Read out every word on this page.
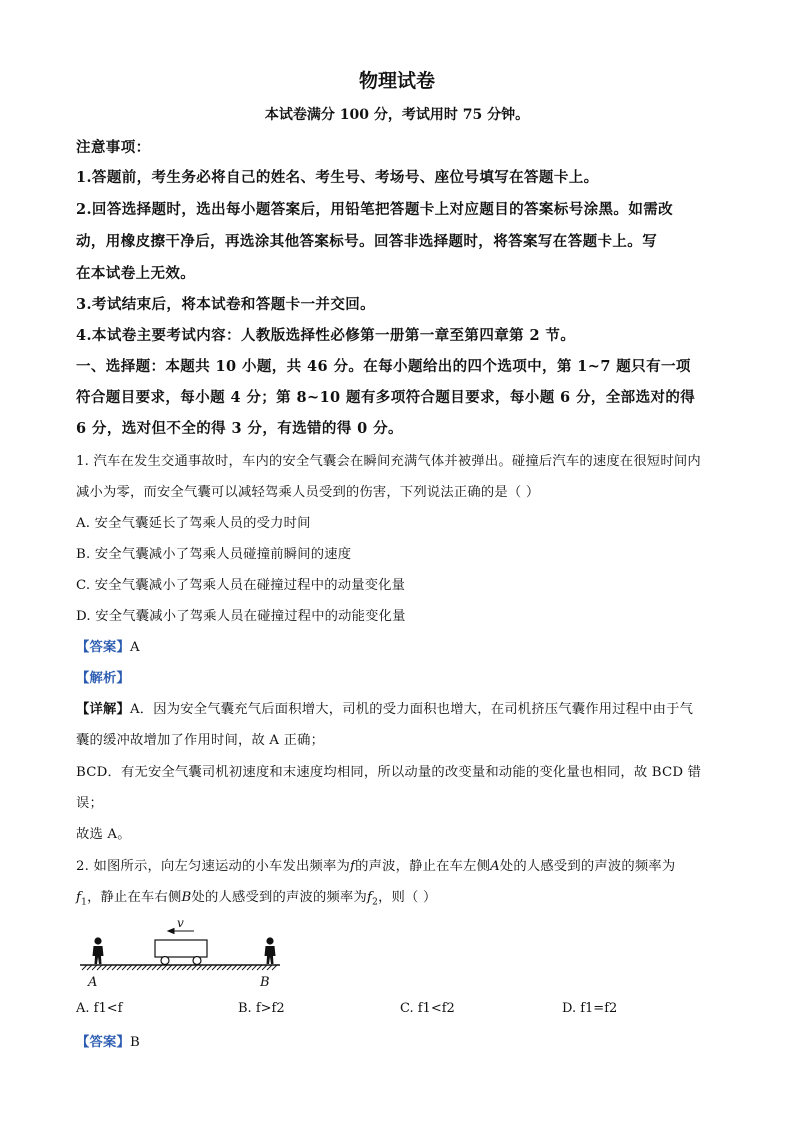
物理试卷
本试卷满分 100 分，考试用时 75 分钟。
注意事项：
1.答题前，考生务必将自己的姓名、考生号、考场号、座位号填写在答题卡上。
2.回答选择题时，选出每小题答案后，用铅笔把答题卡上对应题目的答案标号涂黑。如需改
动，用橡皮擦干净后，再选涂其他答案标号。回答非选择题时，将答案写在答题卡上。写
在本试卷上无效。
3.考试结束后，将本试卷和答题卡一并交回。
4.本试卷主要考试内容：人教版选择性必修第一册第一章至第四章第 2 节。
一、选择题：本题共 10 小题，共 46 分。在每小题给出的四个选项中，第 1~7 题只有一项
符合题目要求，每小题 4 分；第 8~10 题有多项符合题目要求，每小题 6 分，全部选对的得
6 分，选对但不全的得 3 分，有选错的得 0 分。
1. 汽车在发生交通事故时，车内的安全气囊会在瞬间充满气体并被弹出。碰撞后汽车的速度在很短时间内
减小为零，而安全气囊可以减轻驾乘人员受到的伤害，下列说法正确的是（ ）
A. 安全气囊延长了驾乘人员的受力时间
B. 安全气囊减小了驾乘人员碰撞前瞬间的速度
C. 安全气囊减小了驾乘人员在碰撞过程中的动量变化量
D. 安全气囊减小了驾乘人员在碰撞过程中的动能变化量
【答案】A
【解析】
【详解】A．因为安全气囊充气后面积增大，司机的受力面积也增大，在司机挤压气囊作用过程中由于气
囊的缓冲故增加了作用时间，故 A 正确；
BCD．有无安全气囊司机初速度和末速度均相同，所以动量的改变量和动能的变化量也相同，故 BCD 错
误；
故选 A。
2. 如图所示，向左匀速运动的小车发出频率为f的声波，静止在车左侧A处的人感受到的声波的频率为
$f_1$，静止在车右侧B处的人感受到的声波的频率为$f_2$，则（ ）
v
A	B
A. f1<f	B. f>f2	C. f1<f2	D. f1=f2
【答案】B
